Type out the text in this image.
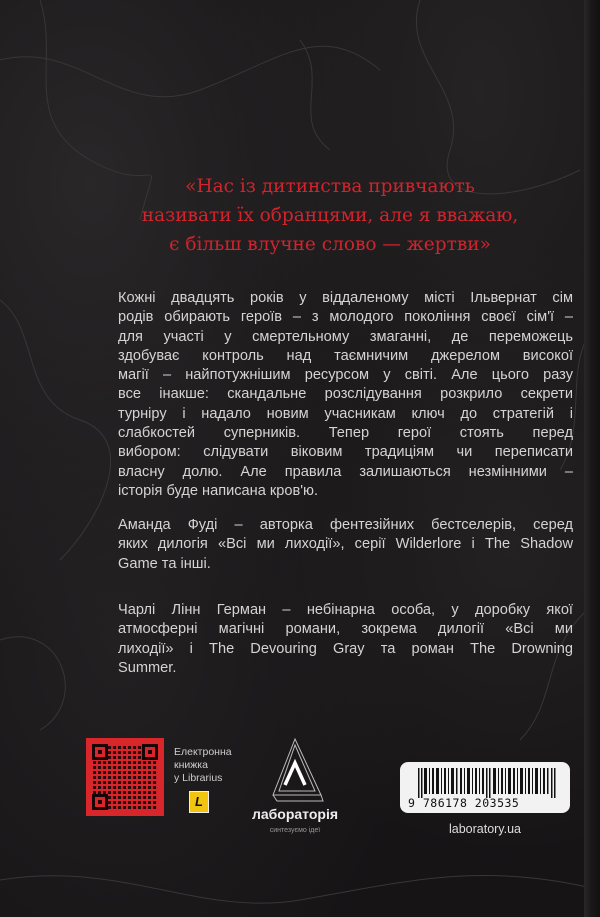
«Нас із дитинства привчають
називати їх обранцями, але я вважаю,
є більш влучне слово — жертви»
Кожні двадцять років у віддаленому місті Ільвернат сім
родів обирають героїв – з молодого покоління своєї сім'ї –
для участі у смертельному змаганні, де переможець
здобуває контроль над таємничим джерелом високої
магії – найпотужнішим ресурсом у світі. Але цього разу
все інакше: скандальне розслідування розкрило секрети
турніру і надало новим учасникам ключ до стратегій і
слабкостей суперників. Тепер герої стоять перед
вибором: слідувати віковим традиціям чи переписати
власну долю. Але правила залишаються незмінними –
історія буде написана кров'ю.
Аманда Фуді – авторка фентезійних бестселерів, серед
яких дилогія «Всі ми лиходії», серії Wilderlore і The Shadow
Game та інші.
Чарлі Лінн Герман – небінарна особа, у доробку якої
атмосферні магічні романи, зокрема дилогії «Всі ми
лиходії» і The Devouring Gray та роман The Drowning
Summer.
Електронна
книжка
у Librarius
L
лабораторія
синтезуємо ідеї
9 786178 203535
laboratory.ua
